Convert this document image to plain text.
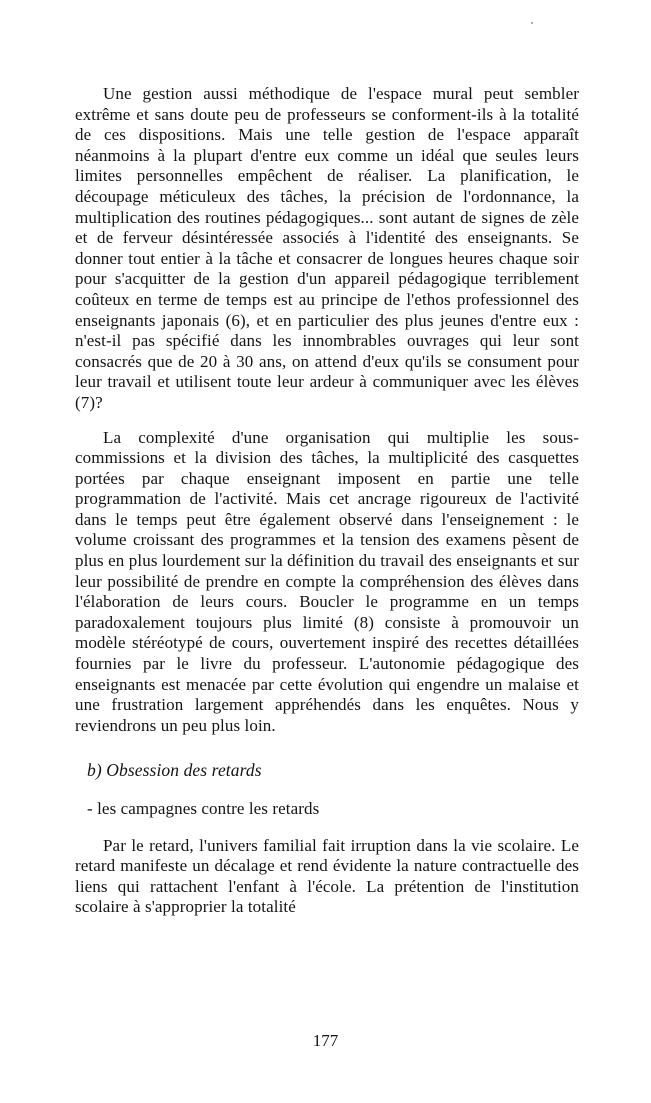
Une gestion aussi méthodique de l'espace mural peut sembler extrême et sans doute peu de professeurs se conforment-ils à la totalité de ces dispositions. Mais une telle gestion de l'espace apparaît néanmoins à la plupart d'entre eux comme un idéal que seules leurs limites personnelles empêchent de réaliser. La planification, le découpage méticuleux des tâches, la précision de l'ordonnance, la multiplication des routines pédagogiques... sont autant de signes de zèle et de ferveur désintéressée associés à l'identité des enseignants. Se donner tout entier à la tâche et consacrer de longues heures chaque soir pour s'acquitter de la gestion d'un appareil pédagogique terriblement coûteux en terme de temps est au principe de l'ethos professionnel des enseignants japonais (6), et en particulier des plus jeunes d'entre eux : n'est-il pas spécifié dans les innombrables ouvrages qui leur sont consacrés que de 20 à 30 ans, on attend d'eux qu'ils se consument pour leur travail et utilisent toute leur ardeur à communiquer avec les élèves (7)?

La complexité d'une organisation qui multiplie les sous-commissions et la division des tâches, la multiplicité des casquettes portées par chaque enseignant imposent en partie une telle programmation de l'activité. Mais cet ancrage rigoureux de l'activité dans le temps peut être également observé dans l'enseignement : le volume croissant des programmes et la tension des examens pèsent de plus en plus lourdement sur la définition du travail des enseignants et sur leur possibilité de prendre en compte la compréhension des élèves dans l'élaboration de leurs cours. Boucler le programme en un temps paradoxalement toujours plus limité (8) consiste à promouvoir un modèle stéréotypé de cours, ouvertement inspiré des recettes détaillées fournies par le livre du professeur. L'autonomie pédagogique des enseignants est menacée par cette évolution qui engendre un malaise et une frustration largement appréhendés dans les enquêtes. Nous y reviendrons un peu plus loin.

b) Obsession des retards

- les campagnes contre les retards

Par le retard, l'univers familial fait irruption dans la vie scolaire. Le retard manifeste un décalage et rend évidente la nature contractuelle des liens qui rattachent l'enfant à l'école. La prétention de l'institution scolaire à s'approprier la totalité

177
